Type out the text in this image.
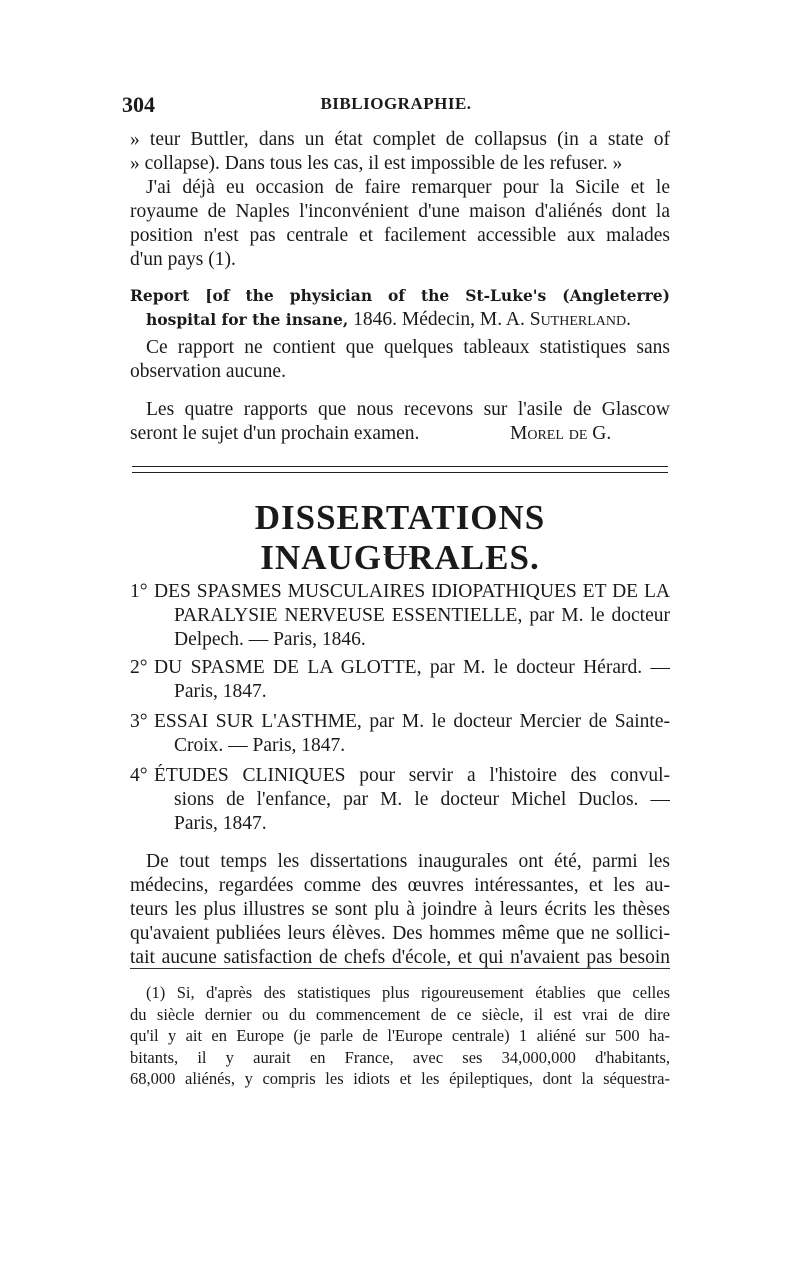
304	BIBLIOGRAPHIE.
» teur Buttler, dans un état complet de collapsus (in a state of
» collapse). Dans tous les cas, il est impossible de les refuser. »
J'ai déjà eu occasion de faire remarquer pour la Sicile et le
royaume de Naples l'inconvénient d'une maison d'aliénés dont la
position n'est pas centrale et facilement accessible aux malades
d'un pays (1).
Report [of the physician of the St-Luke's (Angleterre)
hospital for the insane, 1846. Médecin, M. A. Sutherland.
Ce rapport ne contient que quelques tableaux statistiques sans
observation aucune.
Les quatre rapports que nous recevons sur l'asile de Glascow
seront le sujet d'un prochain examen.	Morel de G.
DISSERTATIONS INAUGURALES.
1° DES SPASMES MUSCULAIRES IDIOPATHIQUES ET DE LA
PARALYSIE NERVEUSE ESSENTIELLE, par M. le docteur
Delpech. — Paris, 1846.
2° DU SPASME DE LA GLOTTE, par M. le docteur Hérard. —
Paris, 1847.
3° ESSAI SUR L'ASTHME, par M. le docteur Mercier de Sainte-
Croix. — Paris, 1847.
4° ÉTUDES CLINIQUES pour servir a l'histoire des convul-
sions de l'enfance, par M. le docteur Michel Duclos. —
Paris, 1847.
De tout temps les dissertations inaugurales ont été, parmi les
médecins, regardées comme des œuvres intéressantes, et les au-
teurs les plus illustres se sont plu à joindre à leurs écrits les thèses
qu'avaient publiées leurs élèves. Des hommes même que ne sollici-
tait aucune satisfaction de chefs d'école, et qui n'avaient pas besoin
(1) Si, d'après des statistiques plus rigoureusement établies que celles
du siècle dernier ou du commencement de ce siècle, il est vrai de dire
qu'il y ait en Europe (je parle de l'Europe centrale) 1 aliéné sur 500 ha-
bitants, il y aurait en France, avec ses 34,000,000 d'habitants,
68,000 aliénés, y compris les idiots et les épileptiques, dont la séquestra-
